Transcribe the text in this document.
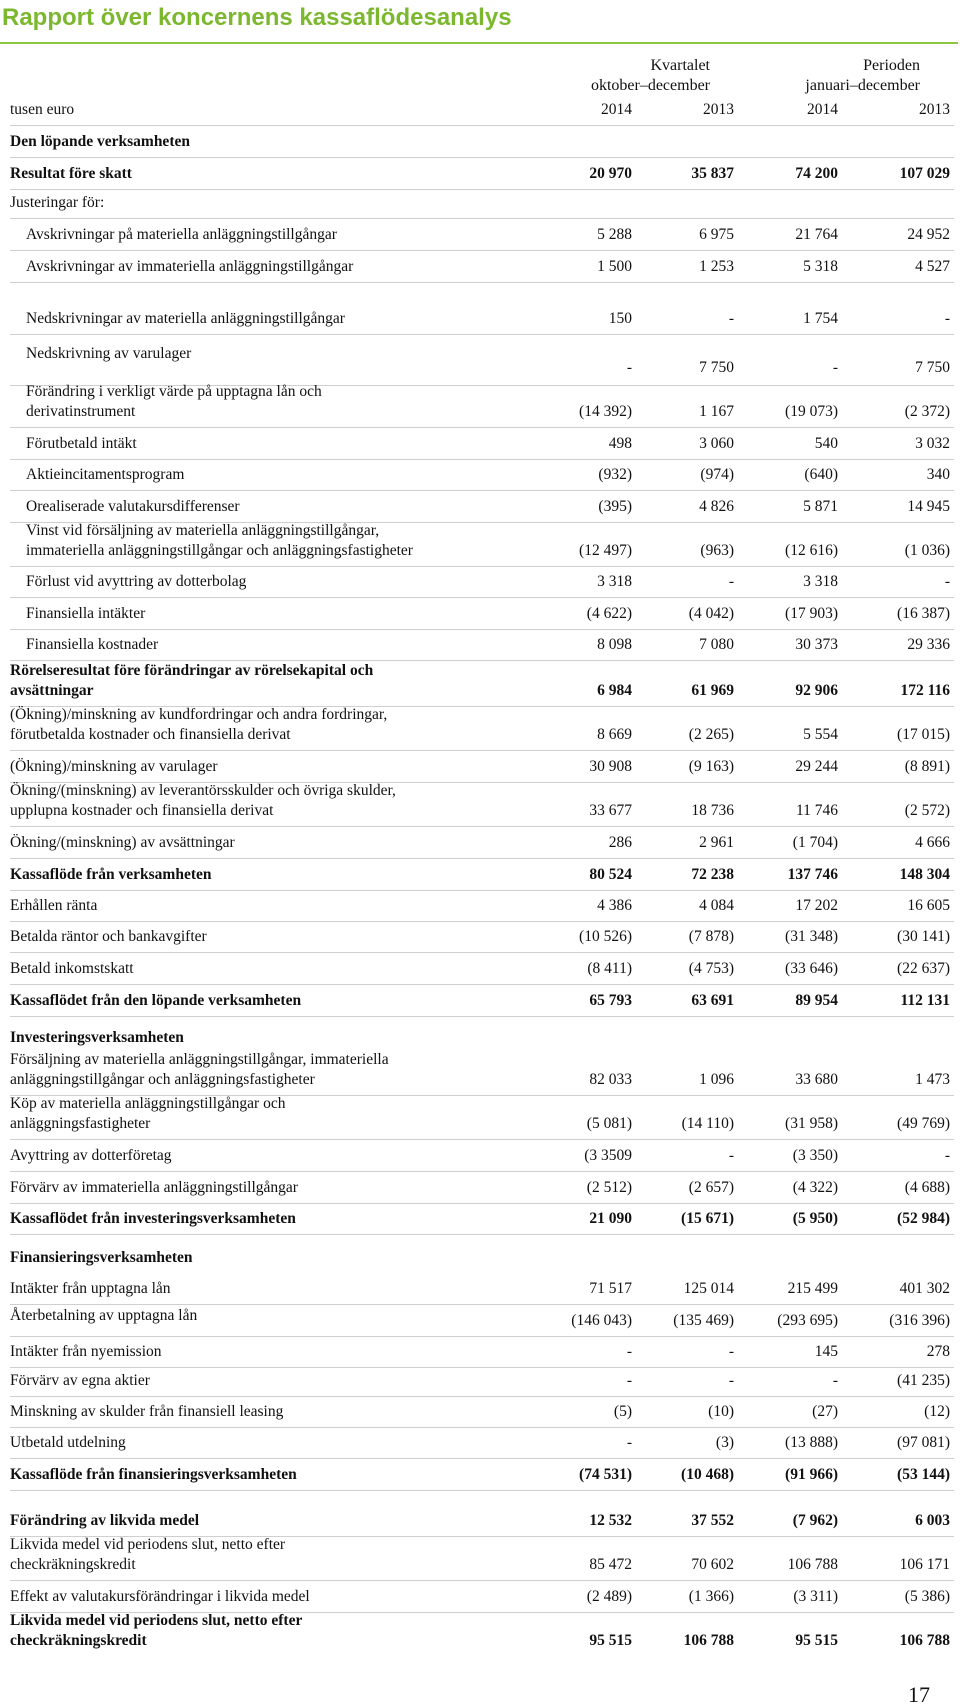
Rapport över koncernens kassaflödesanalys
Kvartalet
oktober–december
Perioden
januari–december
tusen euro	2014	2013	2014	2013
Den löpande verksamheten
Resultat före skatt	20 970	35 837	74 200	107 029
Justeringar för:
Avskrivningar på materiella anläggningstillgångar	5 288	6 975	21 764	24 952
Avskrivningar av immateriella anläggningstillgångar	1 500	1 253	5 318	4 527
Nedskrivningar av materiella anläggningstillgångar	150	-	1 754	-
Nedskrivning av varulager
-	7 750	-	7 750
Förändring i verkligt värde på upptagna lån och
derivatinstrument	(14 392)	1 167	(19 073)	(2 372)
Förutbetald intäkt	498	3 060	540	3 032
Aktieincitamentsprogram	(932)	(974)	(640)	340
Orealiserade valutakursdifferenser	(395)	4 826	5 871	14 945
Vinst vid försäljning av materiella anläggningstillgångar,
immateriella anläggningstillgångar och anläggningsfastigheter	(12 497)	(963)	(12 616)	(1 036)
Förlust vid avyttring av dotterbolag	3 318	-	3 318	-
Finansiella intäkter	(4 622)	(4 042)	(17 903)	(16 387)
Finansiella kostnader	8 098	7 080	30 373	29 336
Rörelseresultat före förändringar av rörelsekapital och
avsättningar	6 984	61 969	92 906	172 116
(Ökning)/minskning av kundfordringar och andra fordringar,
förutbetalda kostnader och finansiella derivat	8 669	(2 265)	5 554	(17 015)
(Ökning)/minskning av varulager	30 908	(9 163)	29 244	(8 891)
Ökning/(minskning) av leverantörsskulder och övriga skulder,
upplupna kostnader och finansiella derivat	33 677	18 736	11 746	(2 572)
Ökning/(minskning) av avsättningar	286	2 961	(1 704)	4 666
Kassaflöde från verksamheten	80 524	72 238	137 746	148 304
Erhållen ränta	4 386	4 084	17 202	16 605
Betalda räntor och bankavgifter	(10 526)	(7 878)	(31 348)	(30 141)
Betald inkomstskatt	(8 411)	(4 753)	(33 646)	(22 637)
Kassaflödet från den löpande verksamheten	65 793	63 691	89 954	112 131
Investeringsverksamheten
Försäljning av materiella anläggningstillgångar, immateriella
anläggningstillgångar och anläggningsfastigheter	82 033	1 096	33 680	1 473
Köp av materiella anläggningstillgångar och
anläggningsfastigheter	(5 081)	(14 110)	(31 958)	(49 769)
Avyttring av dotterföretag	(3 3509	-	(3 350)	-
Förvärv av immateriella anläggningstillgångar	(2 512)	(2 657)	(4 322)	(4 688)
Kassaflödet från investeringsverksamheten	21 090	(15 671)	(5 950)	(52 984)
Finansieringsverksamheten
Intäkter från upptagna lån	71 517	125 014	215 499	401 302
Återbetalning av upptagna lån	(146 043)	(135 469)	(293 695)	(316 396)
Intäkter från nyemission	-	-	145	278
Förvärv av egna aktier	-	-	-	(41 235)
Minskning av skulder från finansiell leasing	(5)	(10)	(27)	(12)
Utbetald utdelning	-	(3)	(13 888)	(97 081)
Kassaflöde från finansieringsverksamheten	(74 531)	(10 468)	(91 966)	(53 144)
Förändring av likvida medel	12 532	37 552	(7 962)	6 003
Likvida medel vid periodens slut, netto efter
checkräkningskredit	85 472	70 602	106 788	106 171
Effekt av valutakursförändringar i likvida medel	(2 489)	(1 366)	(3 311)	(5 386)
Likvida medel vid periodens slut, netto efter
checkräkningskredit	95 515	106 788	95 515	106 788
17
